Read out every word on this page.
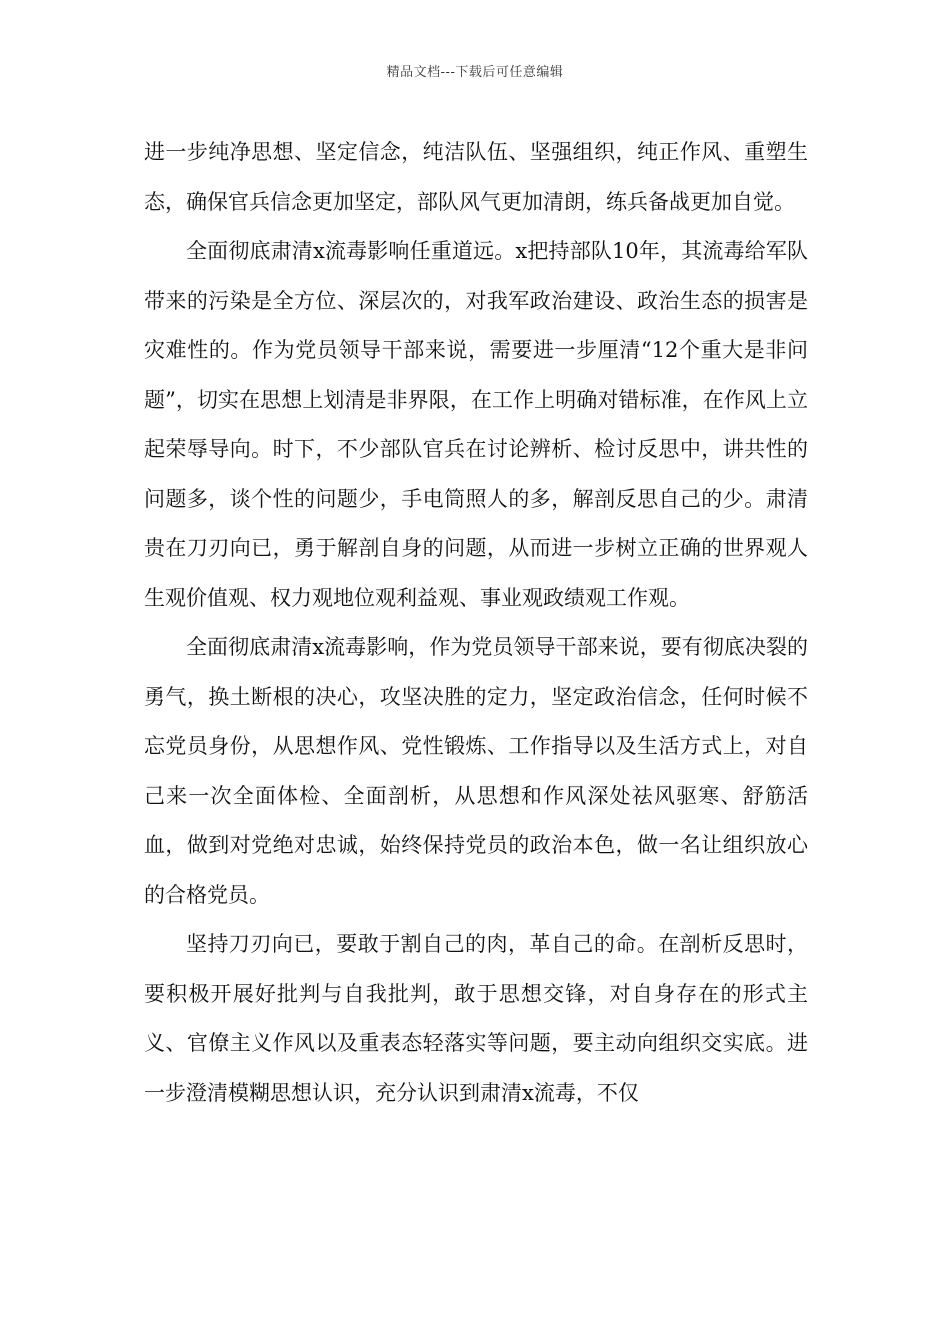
精品文档---下载后可任意编辑

进一步纯净思想、坚定信念，纯洁队伍、坚强组织，纯正作风、重塑生态，确保官兵信念更加坚定，部队风气更加清朗，练兵备战更加自觉。

全面彻底肃清x流毒影响任重道远。x把持部队10年，其流毒给军队带来的污染是全方位、深层次的，对我军政治建设、政治生态的损害是灾难性的。作为党员领导干部来说，需要进一步厘清“12个重大是非问题”，切实在思想上划清是非界限，在工作上明确对错标准，在作风上立起荣辱导向。时下，不少部队官兵在讨论辨析、检讨反思中，讲共性的问题多，谈个性的问题少，手电筒照人的多，解剖反思自己的少。肃清贵在刀刃向已，勇于解剖自身的问题，从而进一步树立正确的世界观人生观价值观、权力观地位观利益观、事业观政绩观工作观。

全面彻底肃清x流毒影响，作为党员领导干部来说，要有彻底决裂的勇气，换土断根的决心，攻坚决胜的定力，坚定政治信念，任何时候不忘党员身份，从思想作风、党性锻炼、工作指导以及生活方式上，对自己来一次全面体检、全面剖析，从思想和作风深处祛风驱寒、舒筋活血，做到对党绝对忠诚，始终保持党员的政治本色，做一名让组织放心的合格党员。

坚持刀刃向已，要敢于割自己的肉，革自己的命。在剖析反思时，要积极开展好批判与自我批判，敢于思想交锋，对自身存在的形式主义、官僚主义作风以及重表态轻落实等问题，要主动向组织交实底。进一步澄清模糊思想认识，充分认识到肃清x流毒，不仅
